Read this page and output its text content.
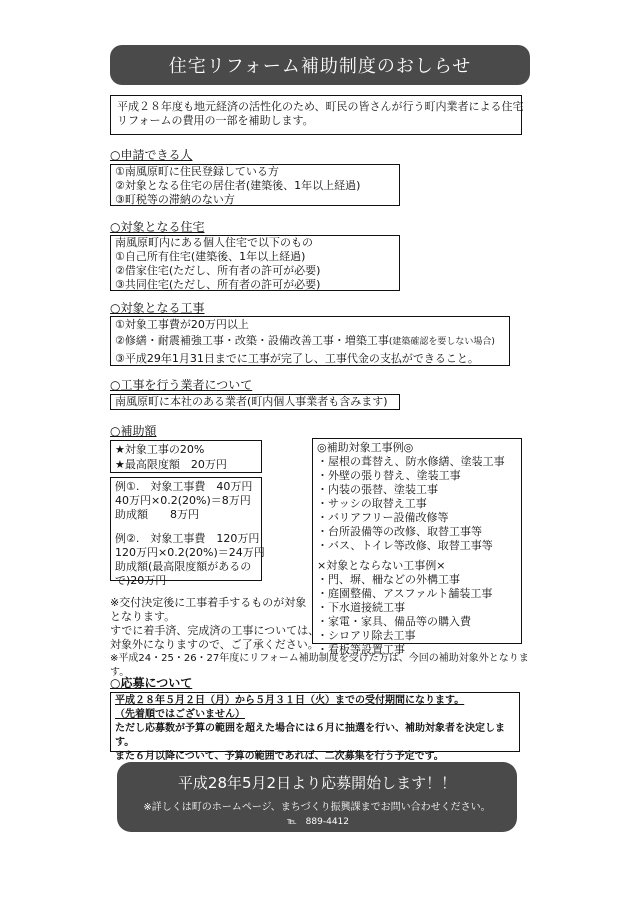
住宅リフォーム補助制度のおしらせ
平成２８年度も地元経済の活性化のため、町民の皆さんが行う町内業者による住宅
リフォームの費用の一部を補助します。
○申請できる人
①南風原町に住民登録している方
②対象となる住宅の居住者(建築後、1年以上経過)
③町税等の滞納のない方
○対象となる住宅
南風原町内にある個人住宅で以下のもの
①自己所有住宅(建築後、1年以上経過)
②借家住宅(ただし、所有者の許可が必要)
③共同住宅(ただし、所有者の許可が必要)
○対象となる工事
①対象工事費が20万円以上
②修繕・耐震補強工事・改築・設備改善工事・増築工事(建築確認を要しない場合)
③平成29年1月31日までに工事が完了し、工事代金の支払ができること。
○工事を行う業者について
南風原町に本社のある業者(町内個人事業者も含みます)
○補助額
★対象工事の20%
★最高限度額　20万円
例①.　対象工事費　40万円
40万円×0.2(20%)＝8万円
助成額　　8万円
例②.　対象工事費　120万円
120万円×0.2(20%)＝24万円
助成額(最高限度額があるの
で)20万円
◎補助対象工事例◎
・屋根の葺替え、防水修繕、塗装工事
・外壁の張り替え、塗装工事
・内装の張替、塗装工事
・サッシの取替え工事
・バリアフリー設備改修等
・台所設備等の改修、取替工事等
・バス、トイレ等改修、取替工事等
×対象とならない工事例×
・門、塀、柵などの外構工事
・庭園整備、アスファルト舗装工事
・下水道接続工事
・家電・家具、備品等の購入費
・シロアリ除去工事
・看板等設置工事
※交付決定後に工事着手するものが対象
となります。
すでに着手済、完成済の工事については、
対象外になりますので、ご了承ください。
※平成24・25・26・27年度にリフォーム補助制度を受けた方は、今回の補助対象外となりま
す。
○応募について
平成２８年５月２日（月）から５月３１日（火）までの受付期間になります。
（先着順ではございません）
ただし応募数が予算の範囲を超えた場合には６月に抽選を行い、補助対象者を決定しま
す。
また６月以降について、予算の範囲であれば、二次募集を行う予定です。
平成28年5月2日より応募開始します！！
※詳しくは町のホームページ、まちづくり振興課までお問い合わせください。
℡　889-4412
